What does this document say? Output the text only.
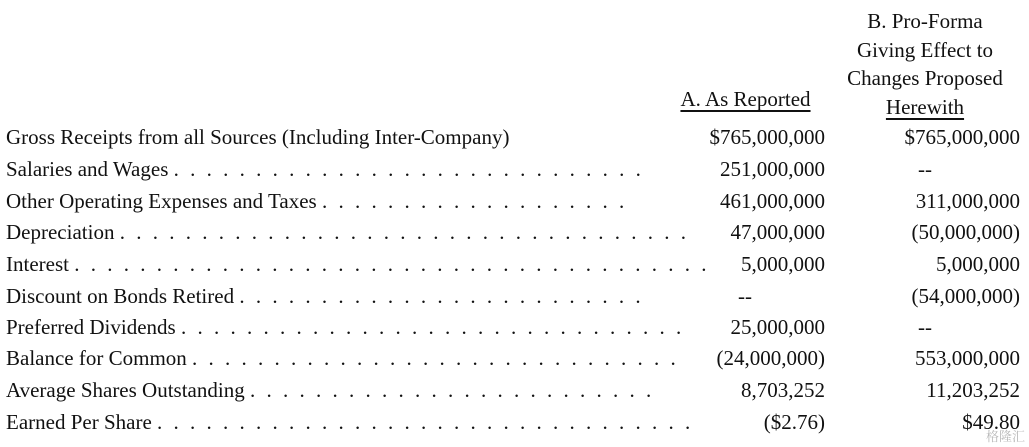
A. As Reported
B. Pro-Forma
Giving Effect to
Changes Proposed
Herewith
Gross Receipts from all Sources (Including Inter-Company)	$765,000,000	$765,000,000
Salaries and Wages . . . . . . . . . . . . . . . . . . . . . . . . . . . . .	251,000,000	--
Other Operating Expenses and Taxes . . . . . . . . . . . . . . . . . . .	461,000,000	311,000,000
Depreciation . . . . . . . . . . . . . . . . . . . . . . . . . . . . . . . . . . .	47,000,000	(50,000,000)
Interest . . . . . . . . . . . . . . . . . . . . . . . . . . . . . . . . . . . . . . .	5,000,000	5,000,000
Discount on Bonds Retired . . . . . . . . . . . . . . . . . . . . . . . . .	--	(54,000,000)
Preferred Dividends . . . . . . . . . . . . . . . . . . . . . . . . . . . . . . .	25,000,000	--
Balance for Common . . . . . . . . . . . . . . . . . . . . . . . . . . . . . .	(24,000,000)	553,000,000
Average Shares Outstanding . . . . . . . . . . . . . . . . . . . . . . . . .	8,703,252	11,203,252
Earned Per Share . . . . . . . . . . . . . . . . . . . . . . . . . . . . . . . . .	($2.76)	$49.80
格隆汇
